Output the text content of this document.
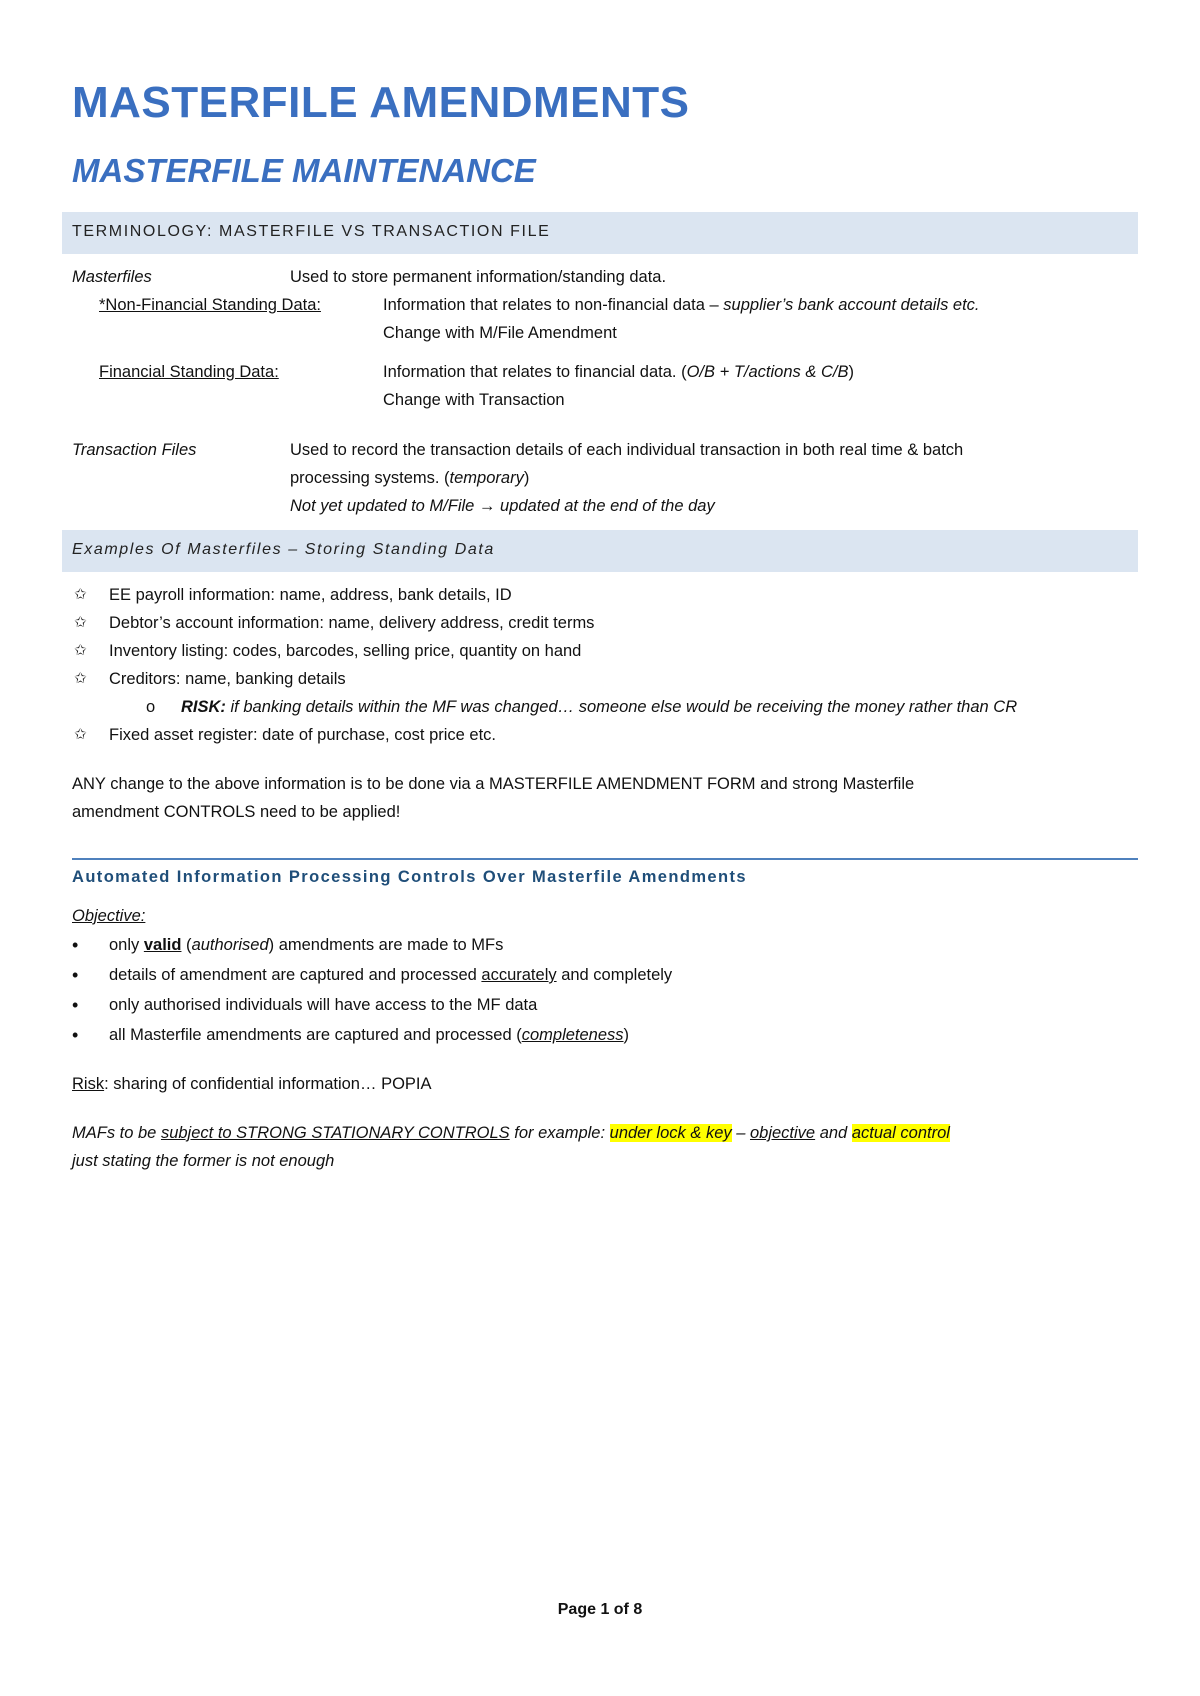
MASTERFILE AMENDMENTS
MASTERFILE MAINTENANCE
TERMINOLOGY: MASTERFILE VS TRANSACTION FILE
Masterfiles	Used to store permanent information/standing data.
*Non-Financial Standing Data:	Information that relates to non-financial data – supplier’s bank account details etc.
Change with M/File Amendment
Financial Standing Data:	Information that relates to financial data. (O/B + T/actions & C/B)
Change with Transaction
Transaction Files	Used to record the transaction details of each individual transaction in both real time & batch
processing systems. (temporary)
Not yet updated to M/File → updated at the end of the day
Examples Of Masterfiles – Storing Standing Data
✩ EE payroll information: name, address, bank details, ID
✩ Debtor’s account information: name, delivery address, credit terms
✩ Inventory listing: codes, barcodes, selling price, quantity on hand
✩ Creditors: name, banking details
o RISK: if banking details within the MF was changed… someone else would be receiving the money rather than CR
✩ Fixed asset register: date of purchase, cost price etc.
ANY change to the above information is to be done via a MASTERFILE AMENDMENT FORM and strong Masterfile
amendment CONTROLS need to be applied!
Automated Information Processing Controls Over Masterfile Amendments
Objective:
• only valid (authorised) amendments are made to MFs
• details of amendment are captured and processed accurately and completely
• only authorised individuals will have access to the MF data
• all Masterfile amendments are captured and processed (completeness)
Risk: sharing of confidential information… POPIA
MAFs to be subject to STRONG STATIONARY CONTROLS for example: under lock & key – objective and actual control
just stating the former is not enough
Page 1 of 8
